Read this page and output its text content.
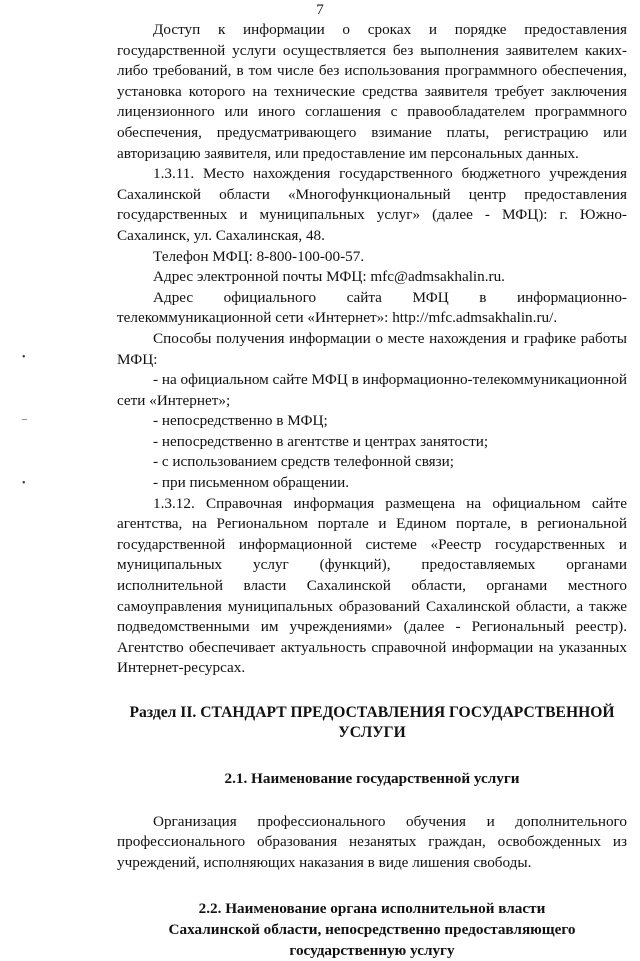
7
•
–
•

Доступ к информации о сроках и порядке предоставления государственной услуги осуществляется без выполнения заявителем каких-либо требований, в том числе без использования программного обеспечения, установка которого на технические средства заявителя требует заключения лицензионного или иного соглашения с правообладателем программного обеспечения, предусматривающего взимание платы, регистрацию или авторизацию заявителя, или предоставление им персональных данных.

1.3.11. Место нахождения государственного бюджетного учреждения Сахалинской области «Многофункциональный центр предоставления государственных и муниципальных услуг» (далее - МФЦ): г. Южно-Сахалинск, ул. Сахалинская, 48.

Телефон МФЦ: 8-800-100-00-57.

Адрес электронной почты МФЦ: mfc@admsakhalin.ru.

Адрес официального сайта МФЦ в информационно-телекоммуникационной сети «Интернет»: http://mfc.admsakhalin.ru/.

Способы получения информации о месте нахождения и графике работы МФЦ:

- на официальном сайте МФЦ в информационно-телекоммуникационной сети «Интернет»;

- непосредственно в МФЦ;

- непосредственно в агентстве и центрах занятости;

- с использованием средств телефонной связи;

- при письменном обращении.

1.3.12. Справочная информация размещена на официальном сайте агентства, на Региональном портале и Едином портале, в региональной государственной информационной системе «Реестр государственных и муниципальных услуг (функций), предоставляемых органами исполнительной власти Сахалинской области, органами местного самоуправления муниципальных образований Сахалинской области, а также подведомственными им учреждениями» (далее - Региональный реестр). Агентство обеспечивает актуальность справочной информации на указанных Интернет-ресурсах.

Раздел II. СТАНДАРТ ПРЕДОСТАВЛЕНИЯ ГОСУДАРСТВЕННОЙ УСЛУГИ
2.1. Наименование государственной услуги

Организация профессионального обучения и дополнительного профессионального образования незанятых граждан, освобожденных из учреждений, исполняющих наказания в виде лишения свободы.

2.2. Наименование органа исполнительной власти
Сахалинской области, непосредственно предоставляющего
государственную услугу
